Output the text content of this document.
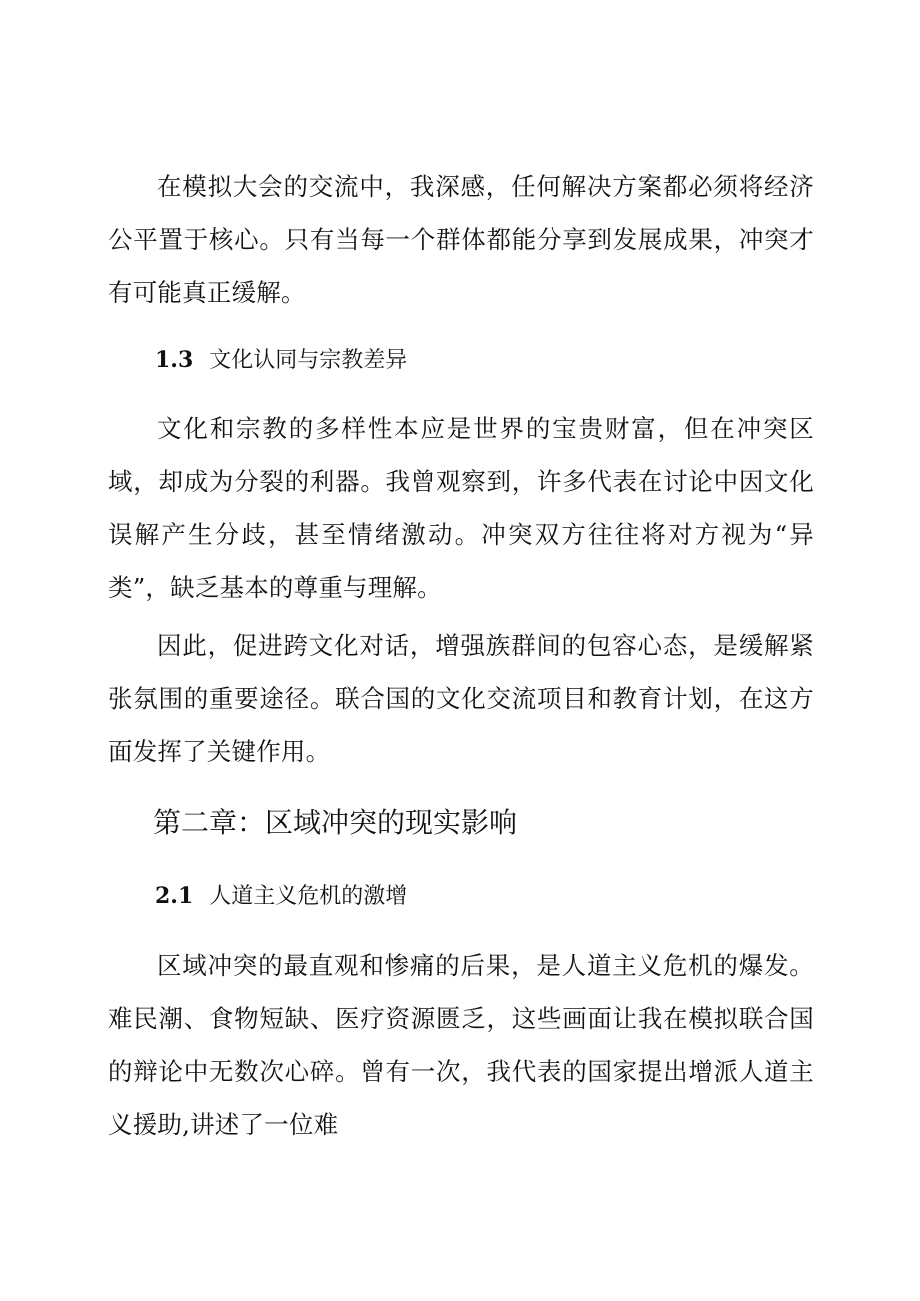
在模拟大会的交流中，我深感，任何解决方案都必须将经济公平置于核心。只有当每一个群体都能分享到发展成果，冲突才有可能真正缓解。

1.3 文化认同与宗教差异

文化和宗教的多样性本应是世界的宝贵财富，但在冲突区域，却成为分裂的利器。我曾观察到，许多代表在讨论中因文化误解产生分歧，甚至情绪激动。冲突双方往往将对方视为“异类”，缺乏基本的尊重与理解。

因此，促进跨文化对话，增强族群间的包容心态，是缓解紧张氛围的重要途径。联合国的文化交流项目和教育计划，在这方面发挥了关键作用。

第二章：区域冲突的现实影响
2.1 人道主义危机的激增

区域冲突的最直观和惨痛的后果，是人道主义危机的爆发。难民潮、食物短缺、医疗资源匮乏，这些画面让我在模拟联合国的辩论中无数次心碎。曾有一次，我代表的国家提出增派人道主义援助,讲述了一位难
